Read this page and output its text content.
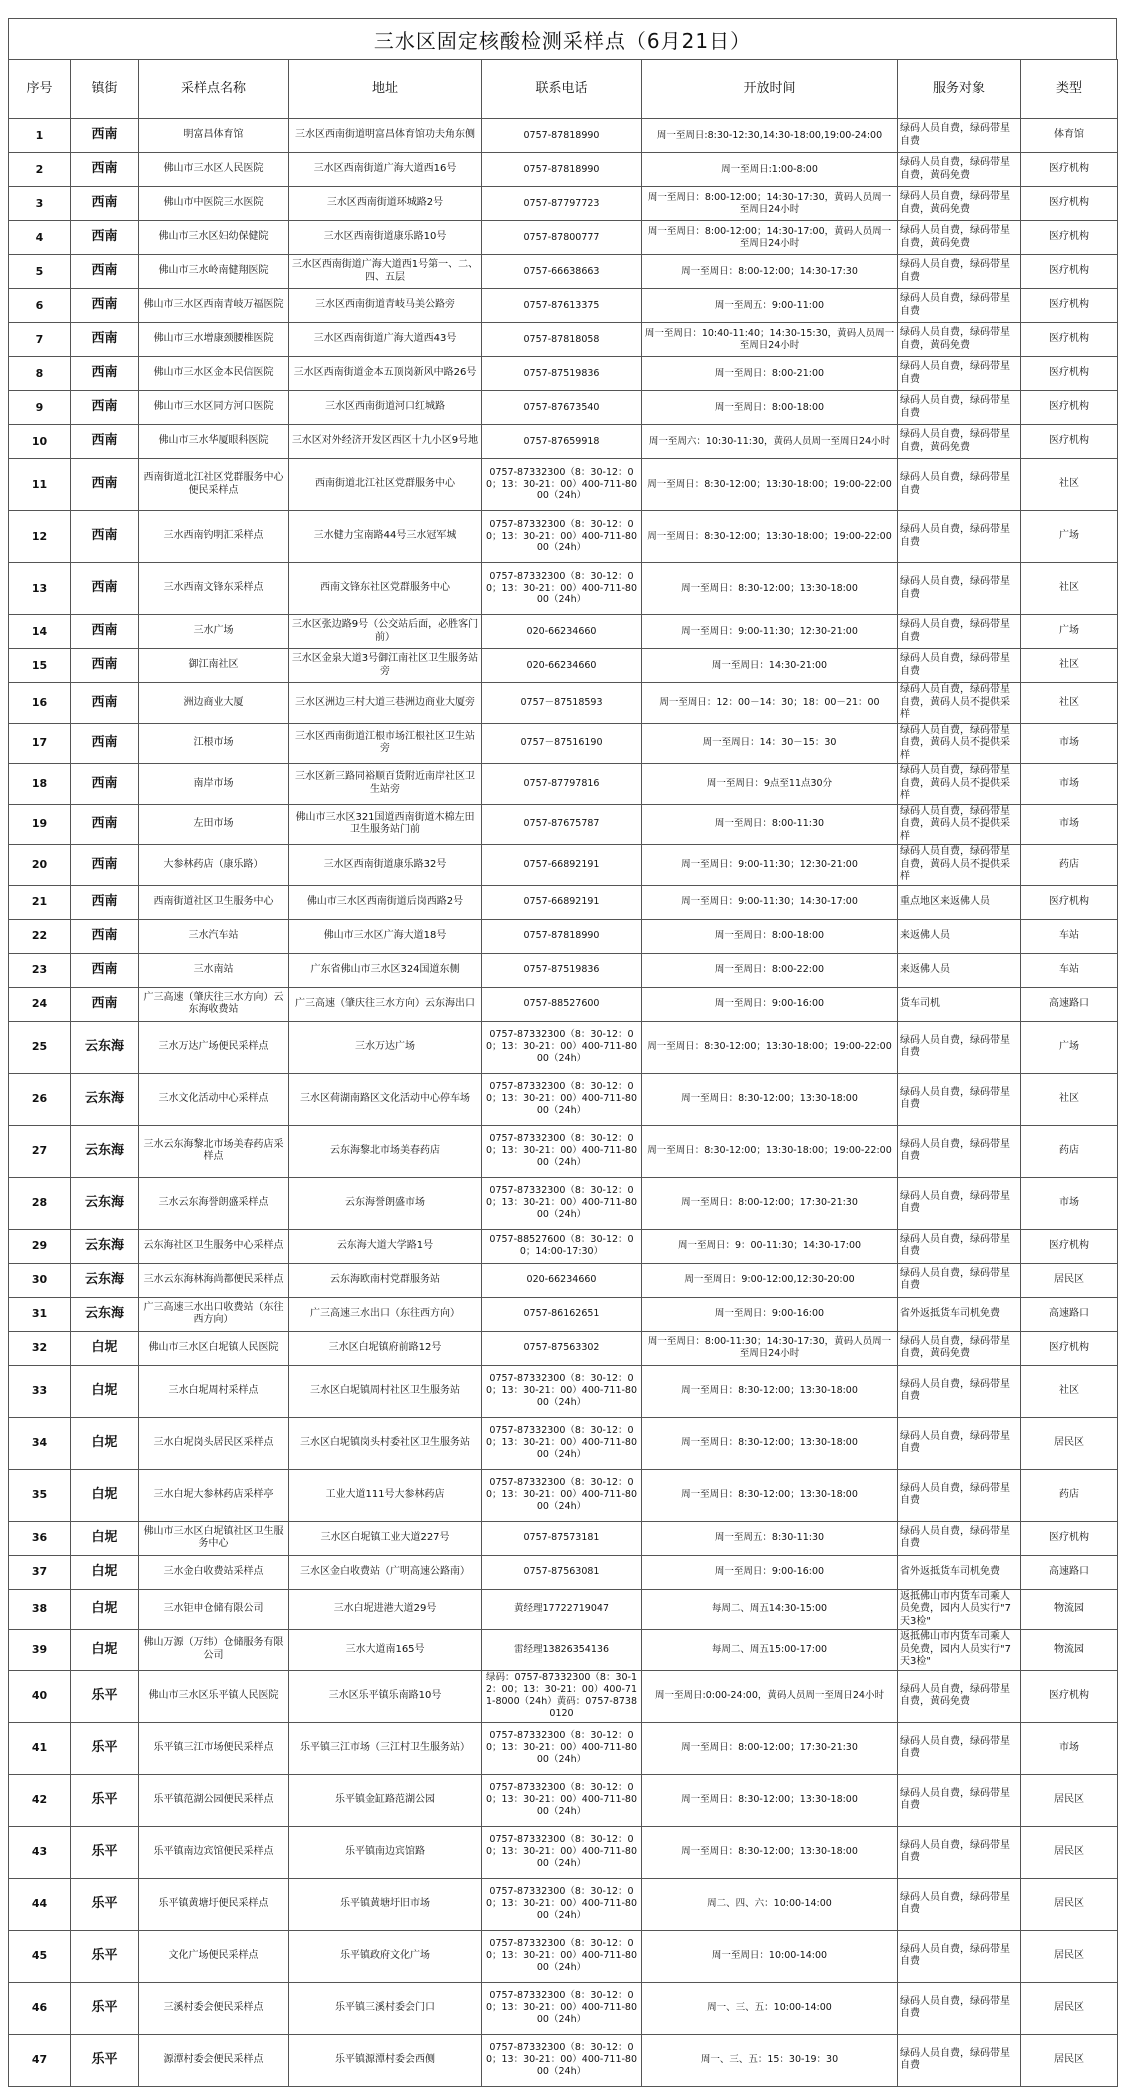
三水区固定核酸检测采样点（6月21日）
序号	镇街	采样点名称	地址	联系电话	开放时间	服务对象	类型
1	西南	明富昌体育馆	三水区西南街道明富昌体育馆功夫角东侧	0757-87818990	周一至周日:8:30-12:30,14:30-18:00,19:00-24:00	绿码人员自费，绿码带星自费	体育馆
2	西南	佛山市三水区人民医院	三水区西南街道广海大道西16号	0757-87818990	周一至周日:1:00-8:00	绿码人员自费，绿码带星自费，黄码免费	医疗机构
3	西南	佛山市中医院三水医院	三水区西南街道环城路2号	0757-87797723	周一至周日：8:00-12:00；14:30-17:30，黄码人员周一至周日24小时	绿码人员自费，绿码带星自费，黄码免费	医疗机构
4	西南	佛山市三水区妇幼保健院	三水区西南街道康乐路10号	0757-87800777	周一至周日：8:00-12:00；14:30-17:00，黄码人员周一至周日24小时	绿码人员自费，绿码带星自费，黄码免费	医疗机构
5	西南	佛山市三水岭南健翔医院	三水区西南街道广海大道西1号第一、二、四、五层	0757-66638663	周一至周日：8:00-12:00；14:30-17:30	绿码人员自费，绿码带星自费	医疗机构
6	西南	佛山市三水区西南青岐万福医院	三水区西南街道青岐马美公路旁	0757-87613375	周一至周五：9:00-11:00	绿码人员自费，绿码带星自费	医疗机构
7	西南	佛山市三水增康颈腰椎医院	三水区西南街道广海大道西43号	0757-87818058	周一至周日：10:40-11:40；14:30-15:30，黄码人员周一至周日24小时	绿码人员自费，绿码带星自费，黄码免费	医疗机构
8	西南	佛山市三水区金本民信医院	三水区西南街道金本五顶岗新风中路26号	0757-87519836	周一至周日：8:00-21:00	绿码人员自费，绿码带星自费	医疗机构
9	西南	佛山市三水区同方河口医院	三水区西南街道河口红城路	0757-87673540	周一至周日：8:00-18:00	绿码人员自费，绿码带星自费	医疗机构
10	西南	佛山市三水华厦眼科医院	三水区对外经济开发区西区十九小区9号地	0757-87659918	周一至周六：10:30-11:30，黄码人员周一至周日24小时	绿码人员自费，绿码带星自费，黄码免费	医疗机构
11	西南	西南街道北江社区党群服务中心便民采样点	西南街道北江社区党群服务中心	0757-87332300（8：30-12：00；13：30-21：00）400-711-8000（24h）	周一至周日：8:30-12:00；13:30-18:00；19:00-22:00	绿码人员自费，绿码带星自费	社区
12	西南	三水西南钓明汇采样点	三水健力宝南路44号三水冠军城	0757-87332300（8：30-12：00；13：30-21：00）400-711-8000（24h）	周一至周日：8:30-12:00；13:30-18:00；19:00-22:00	绿码人员自费，绿码带星自费	广场
13	西南	三水西南文锋东采样点	西南文锋东社区党群服务中心	0757-87332300（8：30-12：00；13：30-21：00）400-711-8000（24h）	周一至周日：8:30-12:00；13:30-18:00	绿码人员自费，绿码带星自费	社区
14	西南	三水广场	三水区张边路9号（公交站后面，必胜客门前）	020-66234660	周一至周日：9:00-11:30；12:30-21:00	绿码人员自费，绿码带星自费	广场
15	西南	御江南社区	三水区金泉大道3号御江南社区卫生服务站旁	020-66234660	周一至周日：14:30-21:00	绿码人员自费，绿码带星自费	社区
16	西南	洲边商业大厦	三水区洲边三村大道三巷洲边商业大厦旁	0757－87518593	周一至周日：12：00－14：30；18：00－21：00	绿码人员自费，绿码带星自费，黄码人员不提供采样	社区
17	西南	江根市场	三水区西南街道江根市场江根社区卫生站旁	0757－87516190	周一至周日：14：30－15：30	绿码人员自费，绿码带星自费，黄码人员不提供采样	市场
18	西南	南岸市场	三水区新三路同裕顺百货附近南岸社区卫生站旁	0757-87797816	周一至周日：9点至11点30分	绿码人员自费，绿码带星自费，黄码人员不提供采样	市场
19	西南	左田市场	佛山市三水区321国道西南街道木棉左田卫生服务站门前	0757-87675787	周一至周日：8:00-11:30	绿码人员自费，绿码带星自费，黄码人员不提供采样	市场
20	西南	大参林药店（康乐路）	三水区西南街道康乐路32号	0757-66892191	周一至周日：9:00-11:30；12:30-21:00	绿码人员自费，绿码带星自费，黄码人员不提供采样	药店
21	西南	西南街道社区卫生服务中心	佛山市三水区西南街道后岗西路2号	0757-66892191	周一至周日：9:00-11:30；14:30-17:00	重点地区来返佛人员	医疗机构
22	西南	三水汽车站	佛山市三水区广海大道18号	0757-87818990	周一至周日：8:00-18:00	来返佛人员	车站
23	西南	三水南站	广东省佛山市三水区324国道东侧	0757-87519836	周一至周日：8:00-22:00	来返佛人员	车站
24	西南	广三高速（肇庆往三水方向）云东海收费站	广三高速（肇庆往三水方向）云东海出口	0757-88527600	周一至周日：9:00-16:00	货车司机	高速路口
25	云东海	三水万达广场便民采样点	三水万达广场	0757-87332300（8：30-12：00；13：30-21：00）400-711-8000（24h）	周一至周日：8:30-12:00；13:30-18:00；19:00-22:00	绿码人员自费，绿码带星自费	广场
26	云东海	三水文化活动中心采样点	三水区荷湖南路区文化活动中心停车场	0757-87332300（8：30-12：00；13：30-21：00）400-711-8000（24h）	周一至周日：8:30-12:00；13:30-18:00	绿码人员自费，绿码带星自费	社区
27	云东海	三水云东海黎北市场美春药店采样点	云东海黎北市场美春药店	0757-87332300（8：30-12：00；13：30-21：00）400-711-8000（24h）	周一至周日：8:30-12:00；13:30-18:00；19:00-22:00	绿码人员自费，绿码带星自费	药店
28	云东海	三水云东海誉朗盛采样点	云东海誉朗盛市场	0757-87332300（8：30-12：00；13：30-21：00）400-711-8000（24h）	周一至周日：8:00-12:00；17:30-21:30	绿码人员自费，绿码带星自费	市场
29	云东海	云东海社区卫生服务中心采样点	云东海大道大学路1号	0757-88527600（8：30-12：00；14:00-17:30）	周一至周日：9：00-11:30；14:30-17:00	绿码人员自费，绿码带星自费	医疗机构
30	云东海	三水云东海林海尚都便民采样点	云东海欧南村党群服务站	020-66234660	周一至周日：9:00-12:00,12:30-20:00	绿码人员自费，绿码带星自费	居民区
31	云东海	广三高速三水出口收费站（东往西方向）	广三高速三水出口（东往西方向）	0757-86162651	周一至周日：9:00-16:00	省外返抵货车司机免费	高速路口
32	白坭	佛山市三水区白坭镇人民医院	三水区白坭镇府前路12号	0757-87563302	周一至周日：8:00-11:30；14:30-17:30，黄码人员周一至周日24小时	绿码人员自费，绿码带星自费，黄码免费	医疗机构
33	白坭	三水白坭周村采样点	三水区白坭镇周村社区卫生服务站	0757-87332300（8：30-12：00；13：30-21：00）400-711-8000（24h）	周一至周日：8:30-12:00；13:30-18:00	绿码人员自费，绿码带星自费	社区
34	白坭	三水白坭岗头居民区采样点	三水区白坭镇岗头村委社区卫生服务站	0757-87332300（8：30-12：00；13：30-21：00）400-711-8000（24h）	周一至周日：8:30-12:00；13:30-18:00	绿码人员自费，绿码带星自费	居民区
35	白坭	三水白坭大参林药店采样亭	工业大道111号大参林药店	0757-87332300（8：30-12：00；13：30-21：00）400-711-8000（24h）	周一至周日：8:30-12:00；13:30-18:00	绿码人员自费，绿码带星自费	药店
36	白坭	佛山市三水区白坭镇社区卫生服务中心	三水区白坭镇工业大道227号	0757-87573181	周一至周五：8:30-11:30	绿码人员自费，绿码带星自费	医疗机构
37	白坭	三水金白收费站采样点	三水区金白收费站（广明高速公路南）	0757-87563081	周一至周日：9:00-16:00	省外返抵货车司机免费	高速路口
38	白坭	三水钜申仓储有限公司	三水白坭进港大道29号	黄经理17722719047	每周二、周五14:30-15:00	返抵佛山市内货车司乘人员免费，园内人员实行"7天3检"	物流园
39	白坭	佛山万源（万纬）仓储服务有限公司	三水大道南165号	雷经理13826354136	每周二、周五15:00-17:00	返抵佛山市内货车司乘人员免费，园内人员实行"7天3检"	物流园
40	乐平	佛山市三水区乐平镇人民医院	三水区乐平镇乐南路10号	绿码：0757-87332300（8：30-12：00；13：30-21：00）400-711-8000（24h）黄码：0757-87380120	周一至周日:0:00-24:00，黄码人员周一至周日24小时	绿码人员自费，绿码带星自费，黄码免费	医疗机构
41	乐平	乐平镇三江市场便民采样点	乐平镇三江市场（三江村卫生服务站）	0757-87332300（8：30-12：00；13：30-21：00）400-711-8000（24h）	周一至周日：8:00-12:00；17:30-21:30	绿码人员自费，绿码带星自费	市场
42	乐平	乐平镇范湖公园便民采样点	乐平镇金缸路范湖公园	0757-87332300（8：30-12：00；13：30-21：00）400-711-8000（24h）	周一至周日：8:30-12:00；13:30-18:00	绿码人员自费，绿码带星自费	居民区
43	乐平	乐平镇南边宾馆便民采样点	乐平镇南边宾馆路	0757-87332300（8：30-12：00；13：30-21：00）400-711-8000（24h）	周一至周日：8:30-12:00；13:30-18:00	绿码人员自费，绿码带星自费	居民区
44	乐平	乐平镇黄塘圩便民采样点	乐平镇黄塘圩旧市场	0757-87332300（8：30-12：00；13：30-21：00）400-711-8000（24h）	周二、四、六：10:00-14:00	绿码人员自费，绿码带星自费	居民区
45	乐平	文化广场便民采样点	乐平镇政府文化广场	0757-87332300（8：30-12：00；13：30-21：00）400-711-8000（24h）	周一至周日：10:00-14:00	绿码人员自费，绿码带星自费	居民区
46	乐平	三溪村委会便民采样点	乐平镇三溪村委会门口	0757-87332300（8：30-12：00；13：30-21：00）400-711-8000（24h）	周一、三、五：10:00-14:00	绿码人员自费，绿码带星自费	居民区
47	乐平	源潭村委会便民采样点	乐平镇源潭村委会西侧	0757-87332300（8：30-12：00；13：30-21：00）400-711-8000（24h）	周一、三、五：15：30-19：30	绿码人员自费，绿码带星自费	居民区
